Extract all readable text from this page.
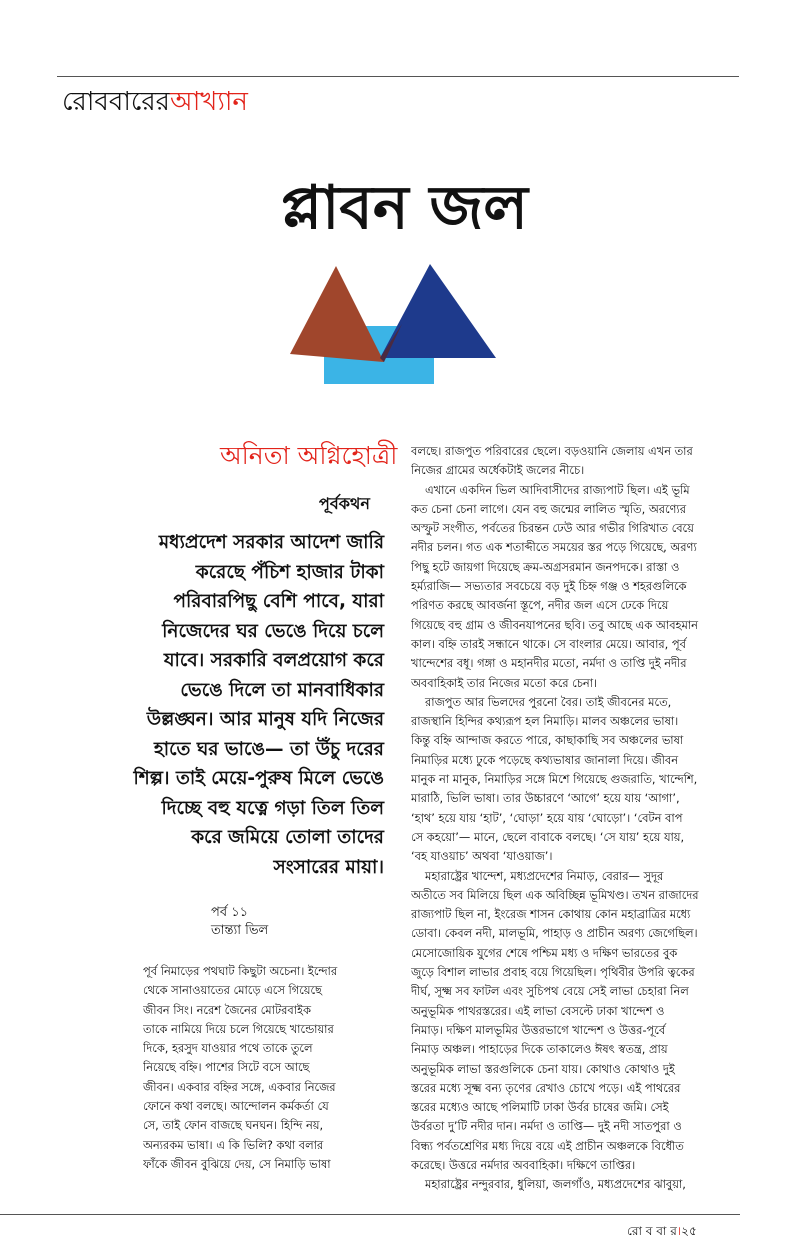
রোববারেরআখ্যান
প্লাবন জল
অনিতা অগ্নিহোত্রী
পূর্বকথন
মধ্যপ্রদেশ সরকার আদেশ জারি
করেছে পঁচিশ হাজার টাকা
পরিবারপিছু বেশি পাবে, যারা
নিজেদের ঘর ভেঙে দিয়ে চলে
যাবে। সরকারি বলপ্রয়োগ করে
ভেঙে দিলে তা মানবাধিকার
উল্লঙ্ঘন। আর মানুষ যদি নিজের
হাতে ঘর ভাঙে— তা উঁচু দরের
শিল্প। তাই মেয়ে-পুরুষ মিলে ভেঙে
দিচ্ছে বহু যত্নে গড়া তিল তিল
করে জমিয়ে তোলা তাদের
সংসারের মায়া।
পর্ব ১১
তান্ত্যা ভিল
পূর্ব নিমাড়ের পথঘাট কিছুটা অচেনা। ইন্দোর
থেকে সানাওয়াতের মোড়ে এসে গিয়েছে
জীবন সিং। নরেশ জৈনের মোটরবাইক
তাকে নামিয়ে দিয়ে চলে গিয়েছে খান্ডোয়ার
দিকে, হরসুদ যাওয়ার পথে তাকে তুলে
নিয়েছে বহ্নি। পাশের সিটে বসে আছে
জীবন। একবার বহ্নির সঙ্গে, একবার নিজের
ফোনে কথা বলছে। আন্দোলন কর্মকর্তা যে
সে, তাই ফোন বাজছে ঘনঘন। হিন্দি নয়,
অন্যরকম ভাষা। এ কি ভিলি? কথা বলার
ফাঁকে জীবন বুঝিয়ে দেয়, সে নিমাড়ি ভাষা
বলছে। রাজপুত পরিবারের ছেলে। বড়ওয়ানি জেলায় এখন তার
নিজের গ্রামের অর্ধেকটাই জলের নীচে।
এখানে একদিন ভিল আদিবাসীদের রাজ্যপাট ছিল। এই ভূমি
কত চেনা চেনা লাগে। যেন বহু জন্মের লালিত স্মৃতি, অরণ্যের
অস্ফুট সংগীত, পর্বতের চিরন্তন ঢেউ আর গভীর গিরিখাত বেয়ে
নদীর চলন। গত এক শতাব্দীতে সময়ের স্তর পড়ে গিয়েছে, অরণ্য
পিছু হটে জায়গা দিয়েছে ক্রম-অগ্রসরমান জনপদকে। রাস্তা ও
হর্ম্যরাজি— সভ্যতার সবচেয়ে বড় দুই চিহ্ন গঞ্জ ও শহরগুলিকে
পরিণত করছে আবর্জনা স্তূপে, নদীর জল এসে ঢেকে দিয়ে
গিয়েছে বহু গ্রাম ও জীবনযাপনের ছবি। তবু আছে এক আবহমান
কাল। বহ্নি তারই সন্ধানে থাকে। সে বাংলার মেয়ে। আবার, পূর্ব
খান্দেশের বধূ। গঙ্গা ও মহানদীর মতো, নর্মদা ও তাপ্তি দুই নদীর
অববাহিকাই তার নিজের মতো করে চেনা।
রাজপুত আর ভিলদের পুরনো বৈর। তাই জীবনের মতে,
রাজস্থানি হিন্দির কথ্যরূপ হল নিমাড়ি। মালব অঞ্চলের ভাষা।
কিন্তু বহ্নি আন্দাজ করতে পারে, কাছাকাছি সব অঞ্চলের ভাষা
নিমাড়ির মধ্যে ঢুকে পড়েছে কথ্যভাষার জানালা দিয়ে। জীবন
মানুক না মানুক, নিমাড়ির সঙ্গে মিশে গিয়েছে গুজরাতি, খান্দেশি,
মারাঠি, ভিলি ভাষা। তার উচ্চারণে ‘আগে’ হয়ে যায় ‘আগা’,
‘হাথ’ হয়ে যায় ‘হাট’, ‘ঘোড়া’ হয়ে যায় ‘ঘোড়ো’। ‘বেটন বাপ
সে কহয়ো’— মানে, ছেলে বাবাকে বলছে। ‘সে যায়’ হয়ে যায়,
‘বহ যাওয়াচ’ অথবা ‘যাওয়াজ’।
মহারাষ্ট্রের খান্দেশ, মধ্যপ্রদেশের নিমাড়, বেরার— সুদূর
অতীতে সব মিলিয়ে ছিল এক অবিচ্ছিন্ন ভূমিখণ্ড। তখন রাজাদের
রাজ্যপাট ছিল না, ইংরেজ শাসন কোথায় কোন মহাব্রাত্রির মধ্যে
ডোবা। কেবল নদী, মালভূমি, পাহাড় ও প্রাচীন অরণ্য জেগেছিল।
মেসোজোয়িক যুগের শেষে পশ্চিম মধ্য ও দক্ষিণ ভারতের বুক
জুড়ে বিশাল লাভার প্রবাহ বয়ে গিয়েছিল। পৃথিবীর উপরি ত্বকের
দীর্ঘ, সূক্ষ্ম সব ফাটল এবং সুচিপথ বেয়ে সেই লাভা চেহারা নিল
অনুভূমিক পাথরস্তরের। এই লাভা বেসল্টে ঢাকা খান্দেশ ও
নিমাড়। দক্ষিণ মালভূমির উত্তরভাগে খান্দেশ ও উত্তর-পূর্বে
নিমাড় অঞ্চল। পাহাড়ের দিকে তাকালেও ঈষৎ স্বতন্ত্র, প্রায়
অনুভূমিক লাভা স্তরগুলিকে চেনা যায়। কোথাও কোথাও দুই
স্তরের মধ্যে সূক্ষ্ম বন্য তৃণের রেখাও চোখে পড়ে। এই পাথরের
স্তরের মধ্যেও আছে পলিমাটি ঢাকা উর্বর চাষের জমি। সেই
উর্বরতা দু’টি নদীর দান। নর্মদা ও তাপ্তি— দুই নদী সাতপুরা ও
বিন্ধ্য পর্বতশ্রেণির মধ্য দিয়ে বয়ে এই প্রাচীন অঞ্চলকে বিধৌত
করেছে। উত্তরে নর্মদার অববাহিকা। দক্ষিণে তাপ্তির।
মহারাষ্ট্রের নন্দুরবার, ধুলিয়া, জলগাঁও, মধ্যপ্রদেশের ঝাবুয়া,
রো ব বা র।২৫
